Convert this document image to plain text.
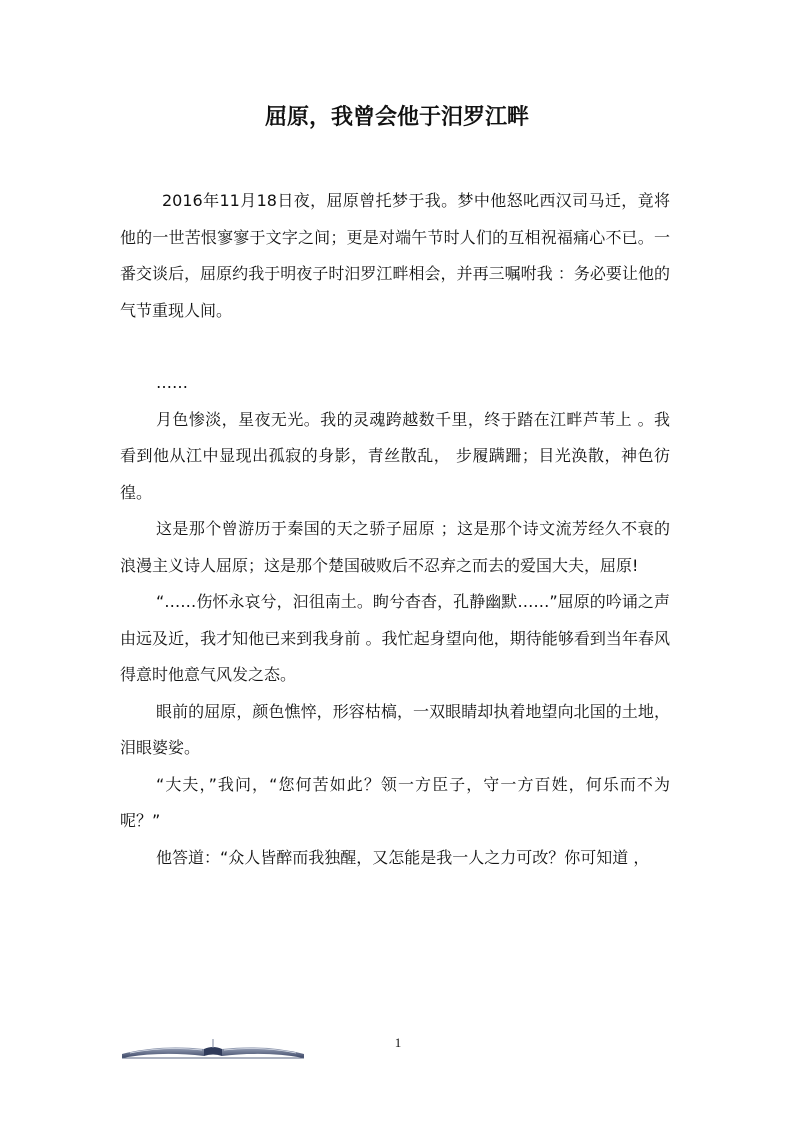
屈原，我曾会他于汨罗江畔

2016年11月18日夜，屈原曾托梦于我。梦中他怒叱西汉司马迁，竟将他的一世苦恨寥寥于文字之间；更是对端午节时人们的互相祝福痛心不已。一番交谈后，屈原约我于明夜子时汨罗江畔相会，并再三嘱咐我 ：务必要让他的气节重现人间。

……

月色惨淡，星夜无光。我的灵魂跨越数千里，终于踏在江畔芦苇上 。我看到他从江中显现出孤寂的身影，青丝散乱， 步履蹒跚；目光涣散，神色彷徨。

这是那个曾游历于秦国的天之骄子屈原 ；这是那个诗文流芳经久不衰的浪漫主义诗人屈原；这是那个楚国破败后不忍弃之而去的爱国大夫，屈原!

“……伤怀永哀兮，汩徂南土。眴兮杳杳，孔静幽默……”屈原的吟诵之声由远及近，我才知他已来到我身前 。我忙起身望向他，期待能够看到当年春风得意时他意气风发之态。

眼前的屈原，颜色憔悴，形容枯槁，一双眼睛却执着地望向北国的土地，泪眼婆娑。

“大夫，”我问，“您何苦如此？领一方臣子，守一方百姓，何乐而不为呢？”

他答道：“众人皆醉而我独醒，又怎能是我一人之力可改？你可知道 ，

1
